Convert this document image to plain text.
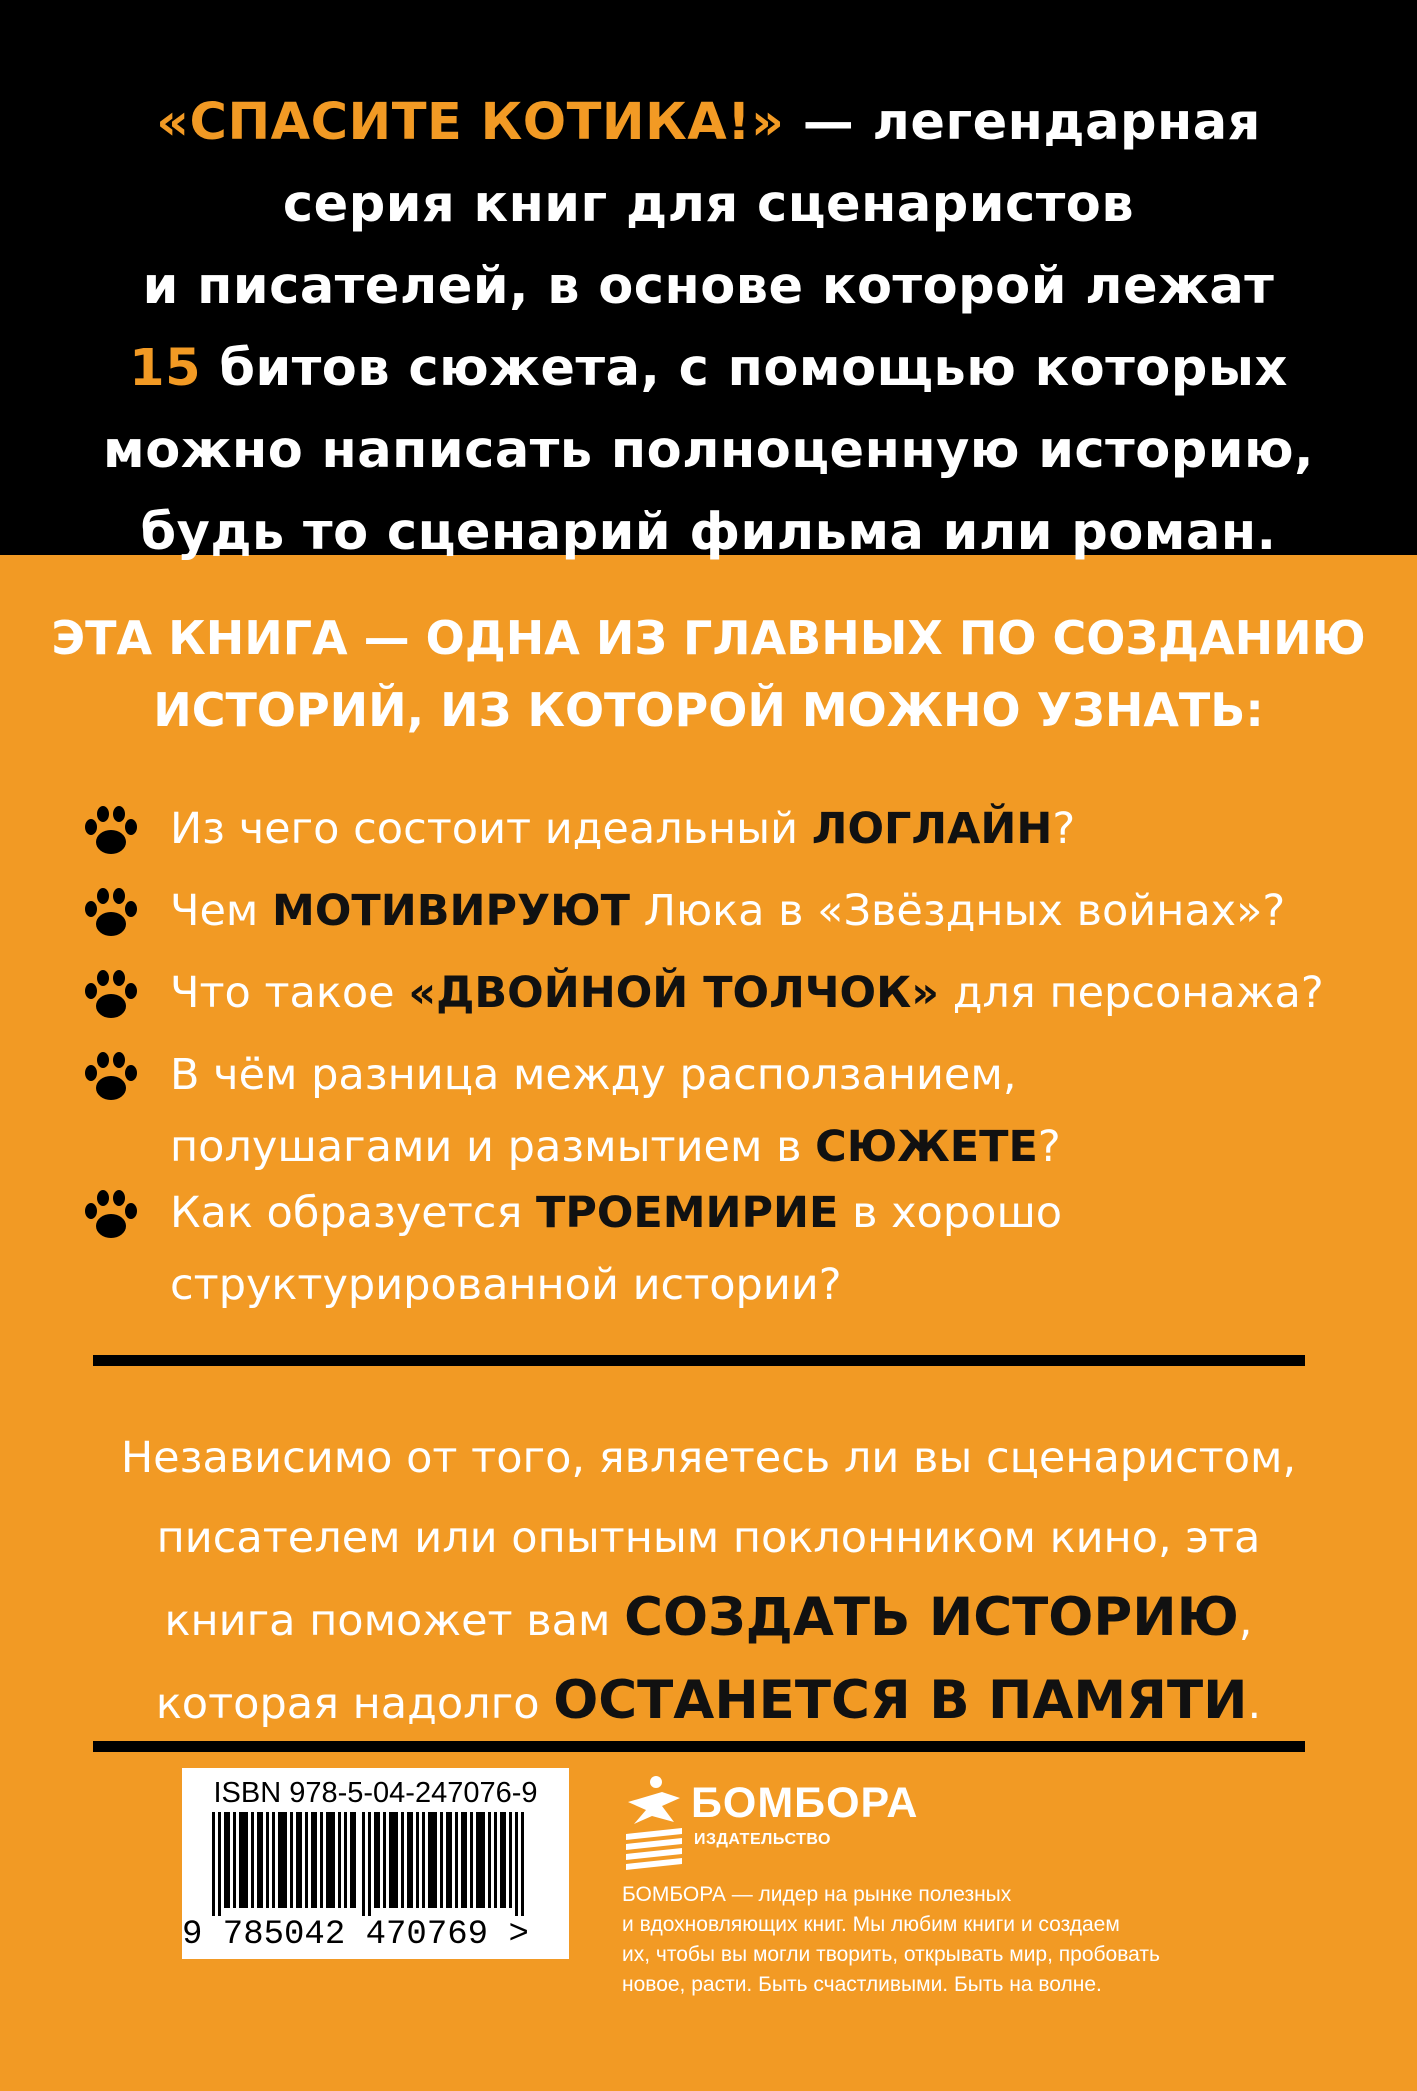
«СПАСИТЕ КОТИКА!» — легендарная
серия книг для сценаристов
и писателей, в основе которой лежат
15 битов сюжета, с помощью которых
можно написать полноценную историю,
будь то сценарий фильма или роман.
ЭТА КНИГА — ОДНА ИЗ ГЛАВНЫХ ПО СОЗДАНИЮ
ИСТОРИЙ, ИЗ КОТОРОЙ МОЖНО УЗНАТЬ:
Из чего состоит идеальный ЛОГЛАЙН?
Чем МОТИВИРУЮТ Люка в «Звёздных войнах»?
Что такое «ДВОЙНОЙ ТОЛЧОК» для персонажа?
В чём разница между расползанием,
полушагами и размытием в СЮЖЕТЕ?
Как образуется ТРОЕМИРИЕ в хорошо
структурированной истории?
Независимо от того, являетесь ли вы сценаристом,
писателем или опытным поклонником кино, эта
книга поможет вам СОЗДАТЬ ИСТОРИЮ,
которая надолго ОСТАНЕТСЯ В ПАМЯТИ.
ISBN 978-5-04-247076-9
9 785042 470769 >
БОМБОРА
ИЗДАТЕЛЬСТВО
БОМБОРА — лидер на рынке полезных
и вдохновляющих книг. Мы любим книги и создаем
их, чтобы вы могли творить, открывать мир, пробовать
новое, расти. Быть счастливыми. Быть на волне.
